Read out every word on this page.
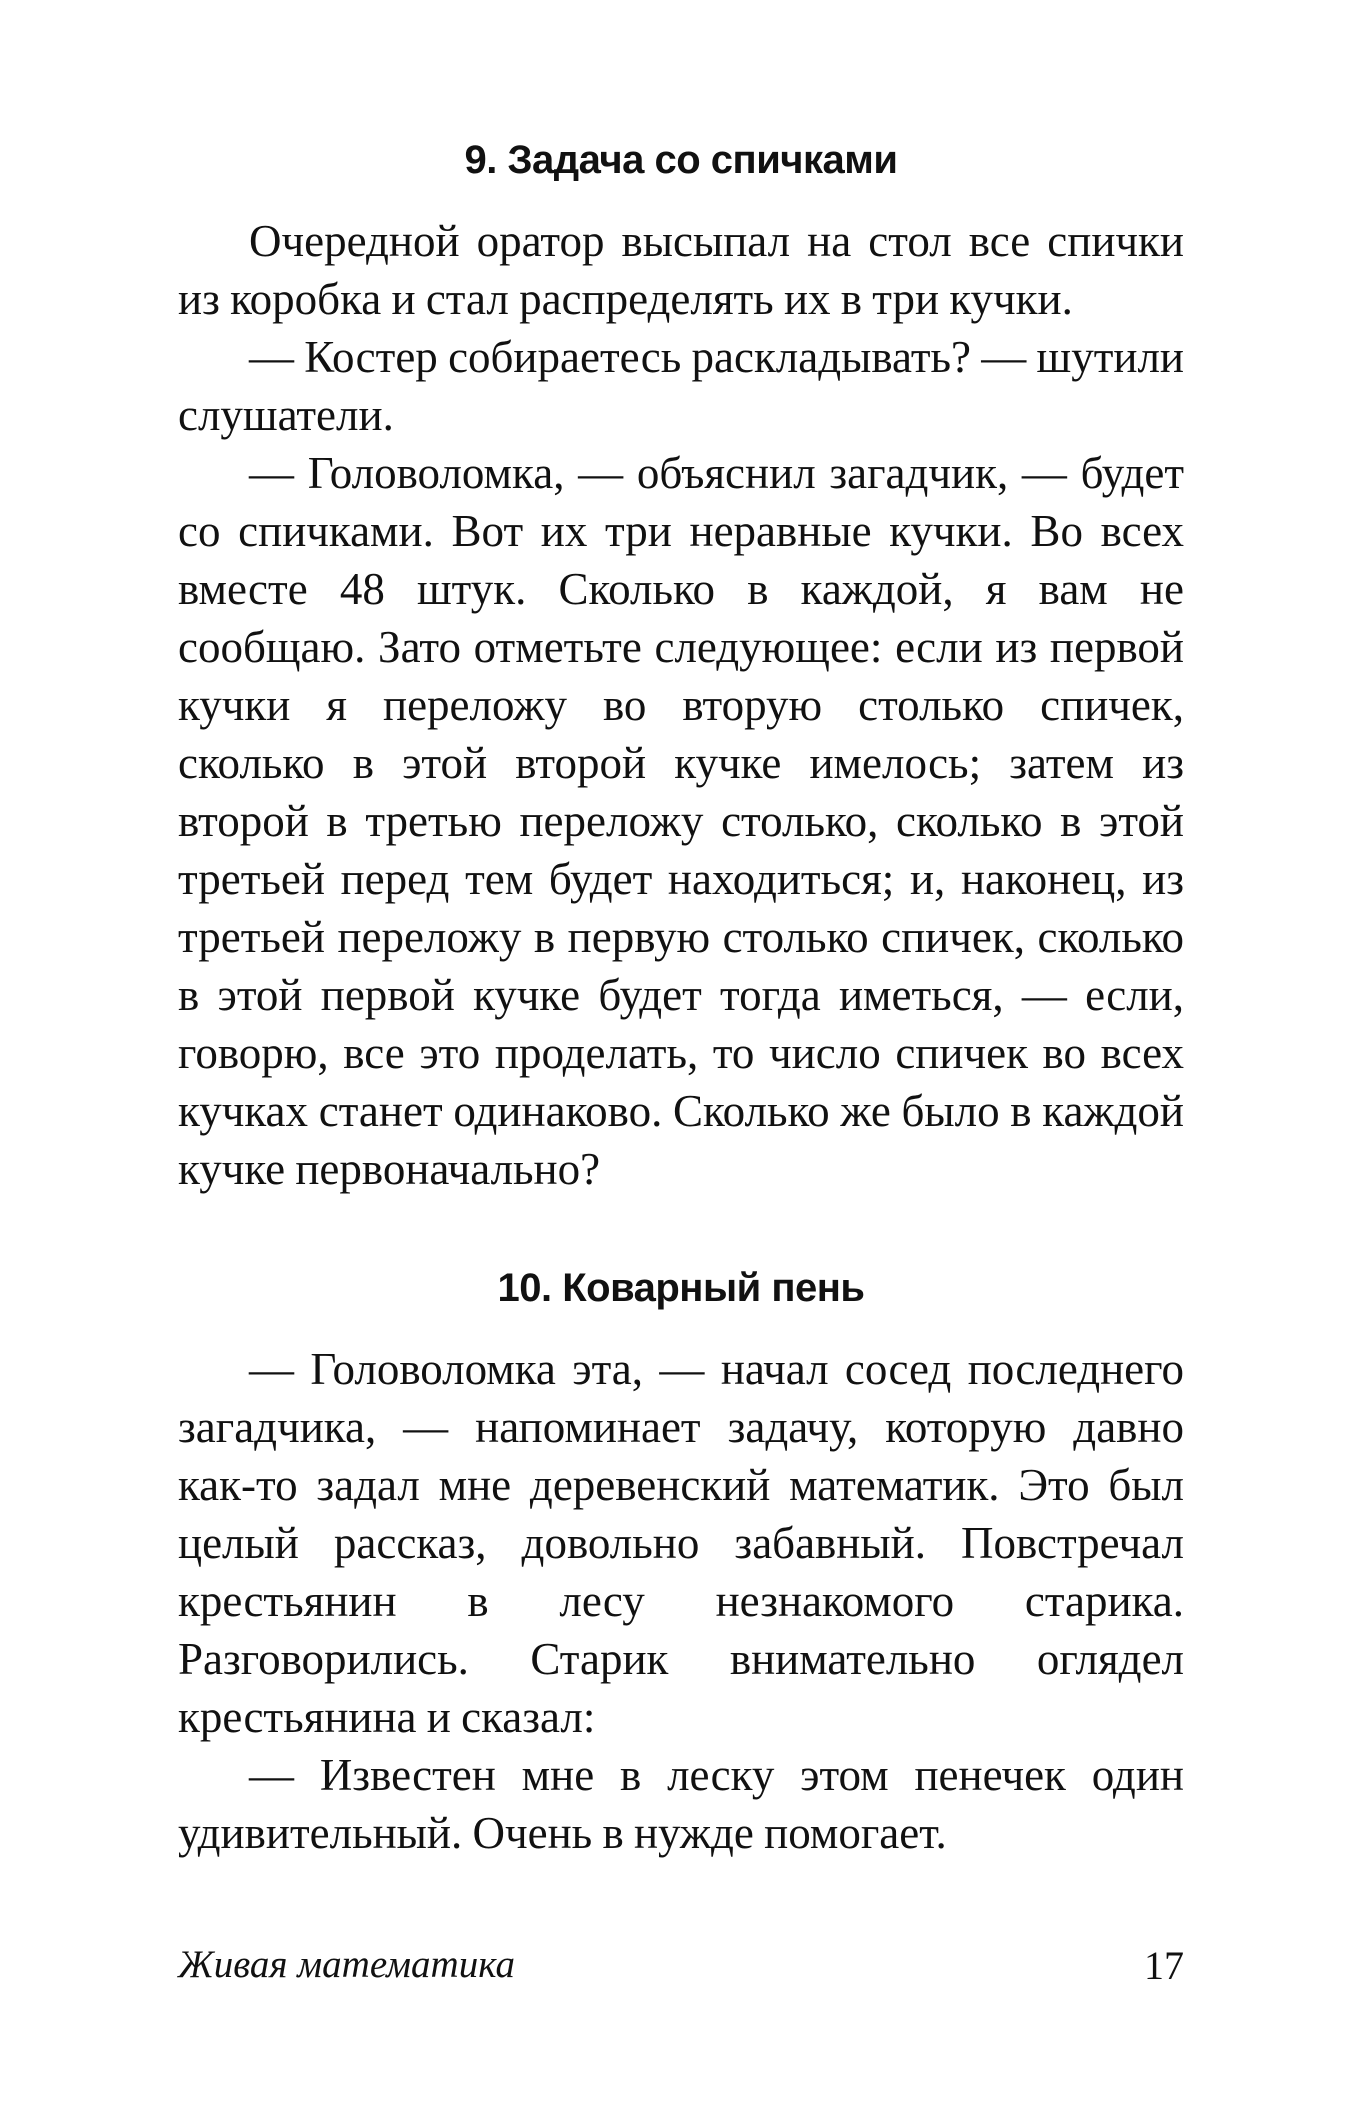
9. Задача со спичками

Очередной оратор высыпал на стол все спички из коробка и стал распределять их в три кучки.

— Костер собираетесь раскладывать? — шутили слушатели.

— Головоломка, — объяснил загадчик, — будет со спичками. Вот их три неравные кучки. Во всех вместе 48 штук. Сколько в каждой, я вам не сообщаю. Зато отметьте следующее: если из первой кучки я переложу во вторую столько спичек, сколько в этой второй кучке имелось; затем из второй в третью переложу столько, сколько в этой третьей перед тем будет находиться; и, наконец, из третьей переложу в первую столько спичек, сколько в этой первой кучке будет тогда иметься, — если, говорю, все это проделать, то число спичек во всех кучках станет одинаково. Сколько же было в каждой кучке первоначально?

10. Коварный пень

— Головоломка эта, — начал сосед последнего загадчика, — напоминает задачу, которую давно как-то задал мне деревенский математик. Это был целый рассказ, довольно забавный. Повстречал крестьянин в лесу незнакомого старика. Разговорились. Старик внимательно оглядел крестьянина и сказал:

— Известен мне в леску этом пенечек один удивительный. Очень в нужде помогает.

Живая математика	17
